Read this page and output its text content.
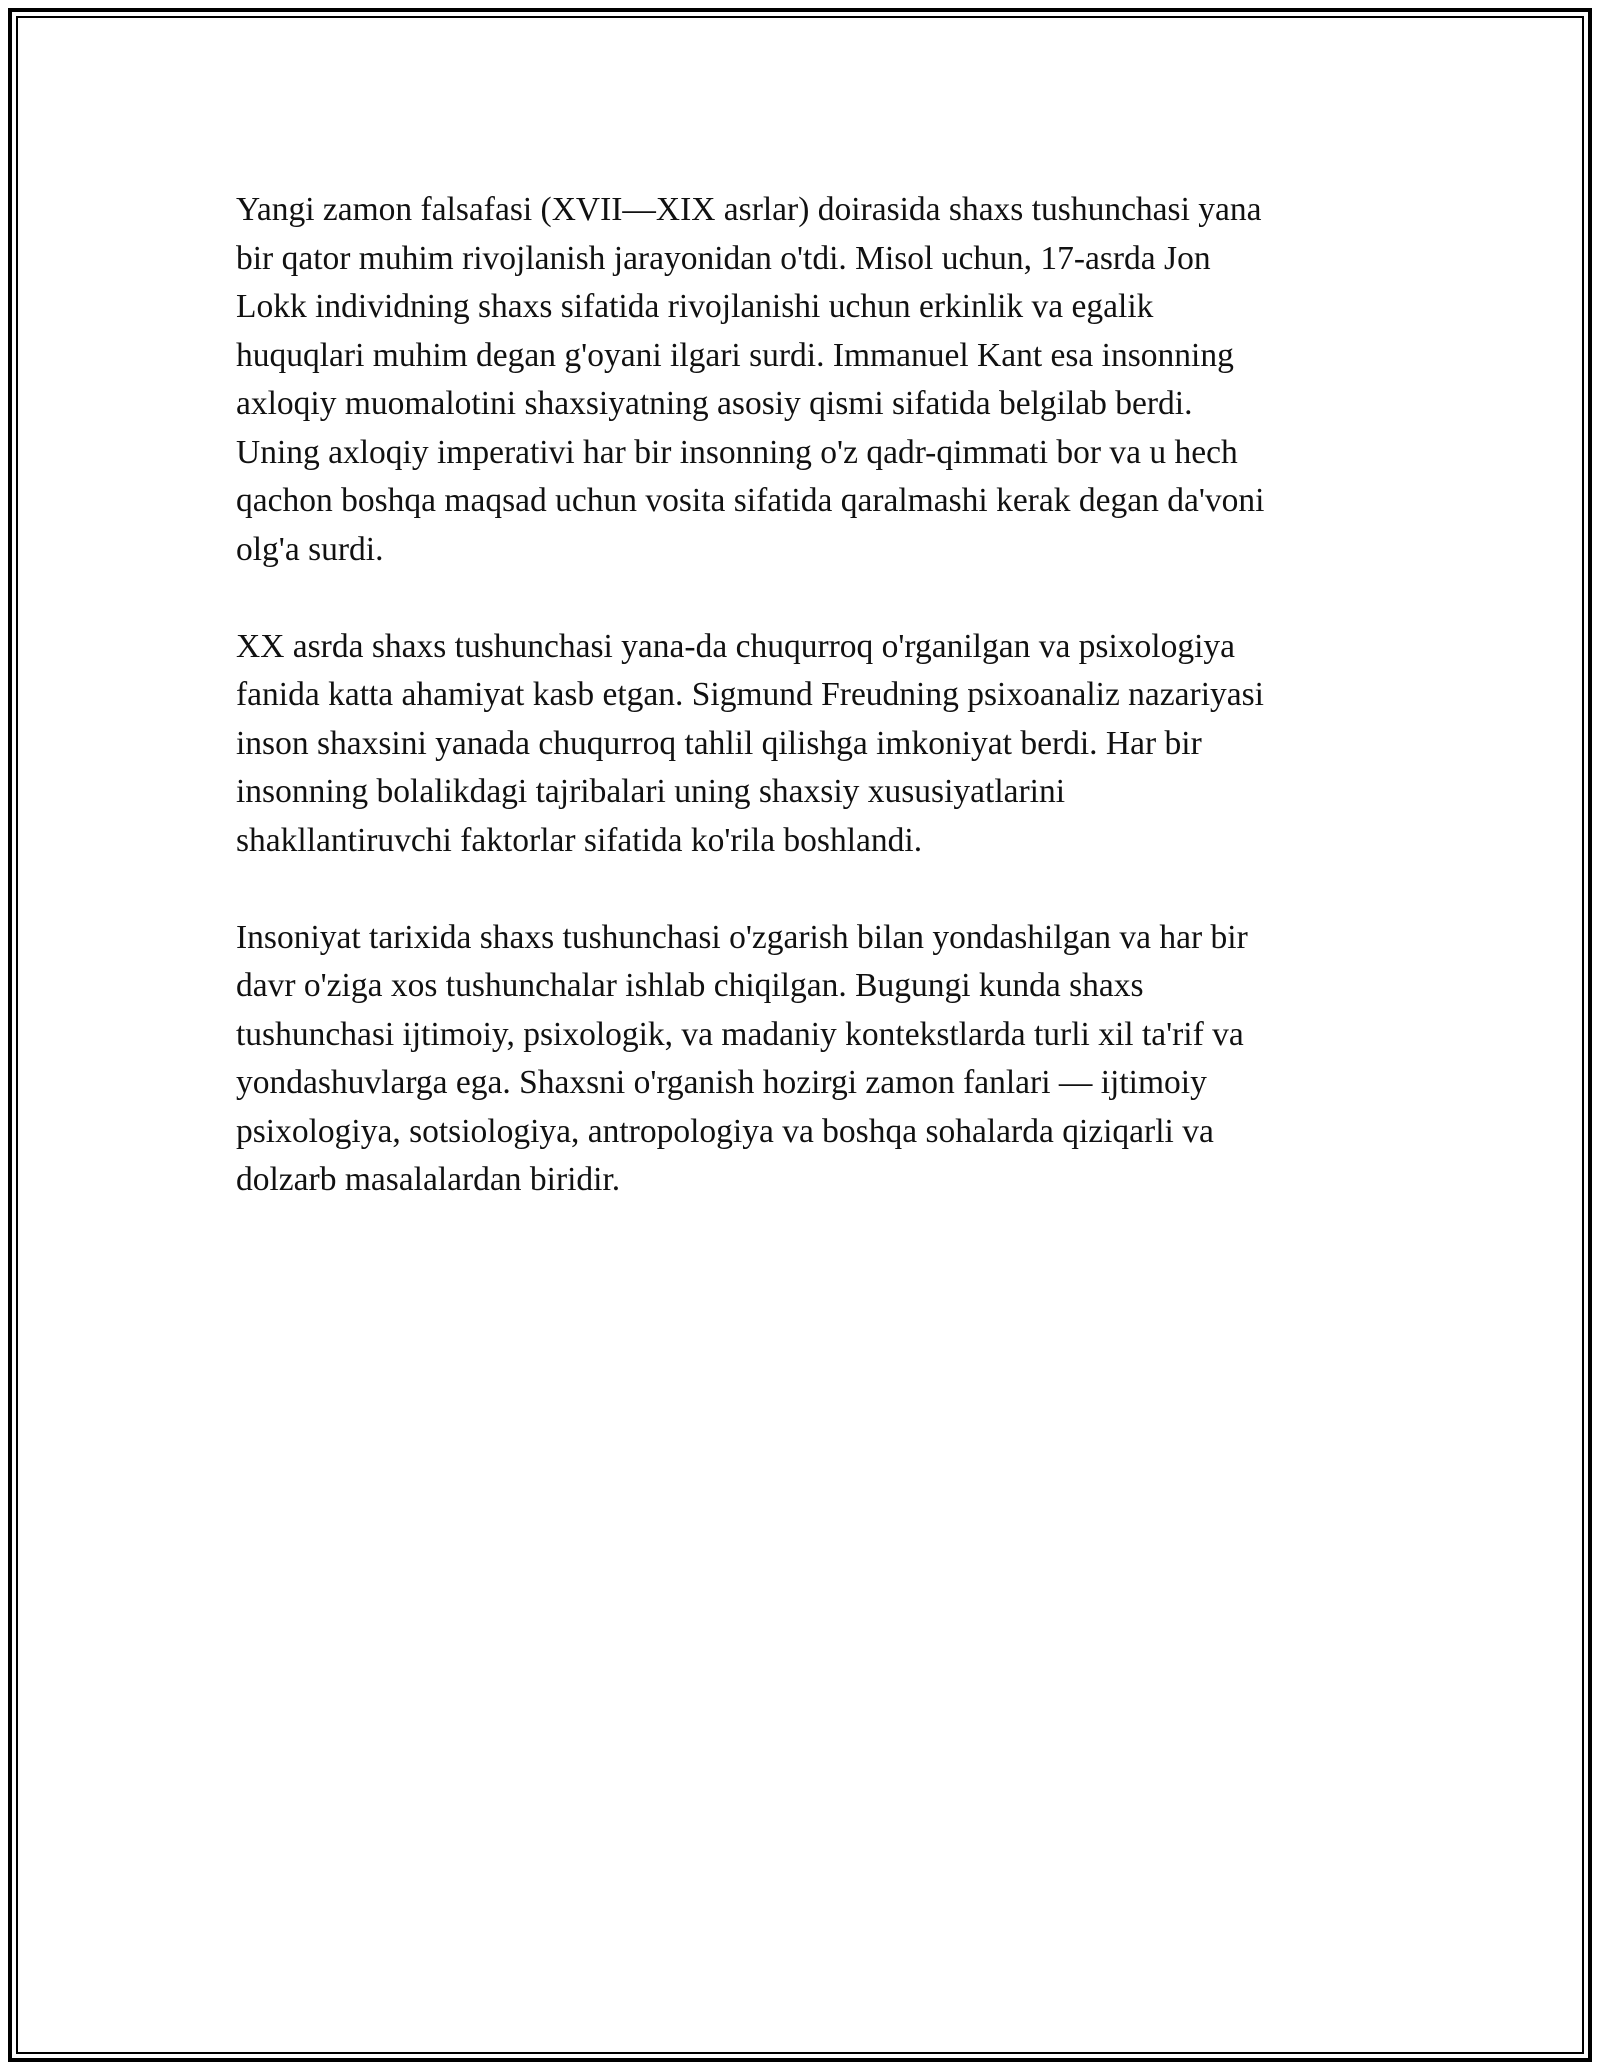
Yangi zamon falsafasi (XVII—XIX asrlar) doirasida shaxs tushunchasi yana
bir qator muhim rivojlanish jarayonidan o'tdi. Misol uchun, 17-asrda Jon
Lokk individning shaxs sifatida rivojlanishi uchun erkinlik va egalik
huquqlari muhim degan g'oyani ilgari surdi. Immanuel Kant esa insonning
axloqiy muomalotini shaxsiyatning asosiy qismi sifatida belgilab berdi.
Uning axloqiy imperativi har bir insonning o'z qadr-qimmati bor va u hech
qachon boshqa maqsad uchun vosita sifatida qaralmashi kerak degan da'voni
olg'a surdi.

XX asrda shaxs tushunchasi yana-da chuqurroq o'rganilgan va psixologiya
fanida katta ahamiyat kasb etgan. Sigmund Freudning psixoanaliz nazariyasi
inson shaxsini yanada chuqurroq tahlil qilishga imkoniyat berdi. Har bir
insonning bolalikdagi tajribalari uning shaxsiy xususiyatlarini
shakllantiruvchi faktorlar sifatida ko'rila boshlandi.

Insoniyat tarixida shaxs tushunchasi o'zgarish bilan yondashilgan va har bir
davr o'ziga xos tushunchalar ishlab chiqilgan. Bugungi kunda shaxs
tushunchasi ijtimoiy, psixologik, va madaniy kontekstlarda turli xil ta'rif va
yondashuvlarga ega. Shaxsni o'rganish hozirgi zamon fanlari — ijtimoiy
psixologiya, sotsiologiya, antropologiya va boshqa sohalarda qiziqarli va
dolzarb masalalardan biridir.
